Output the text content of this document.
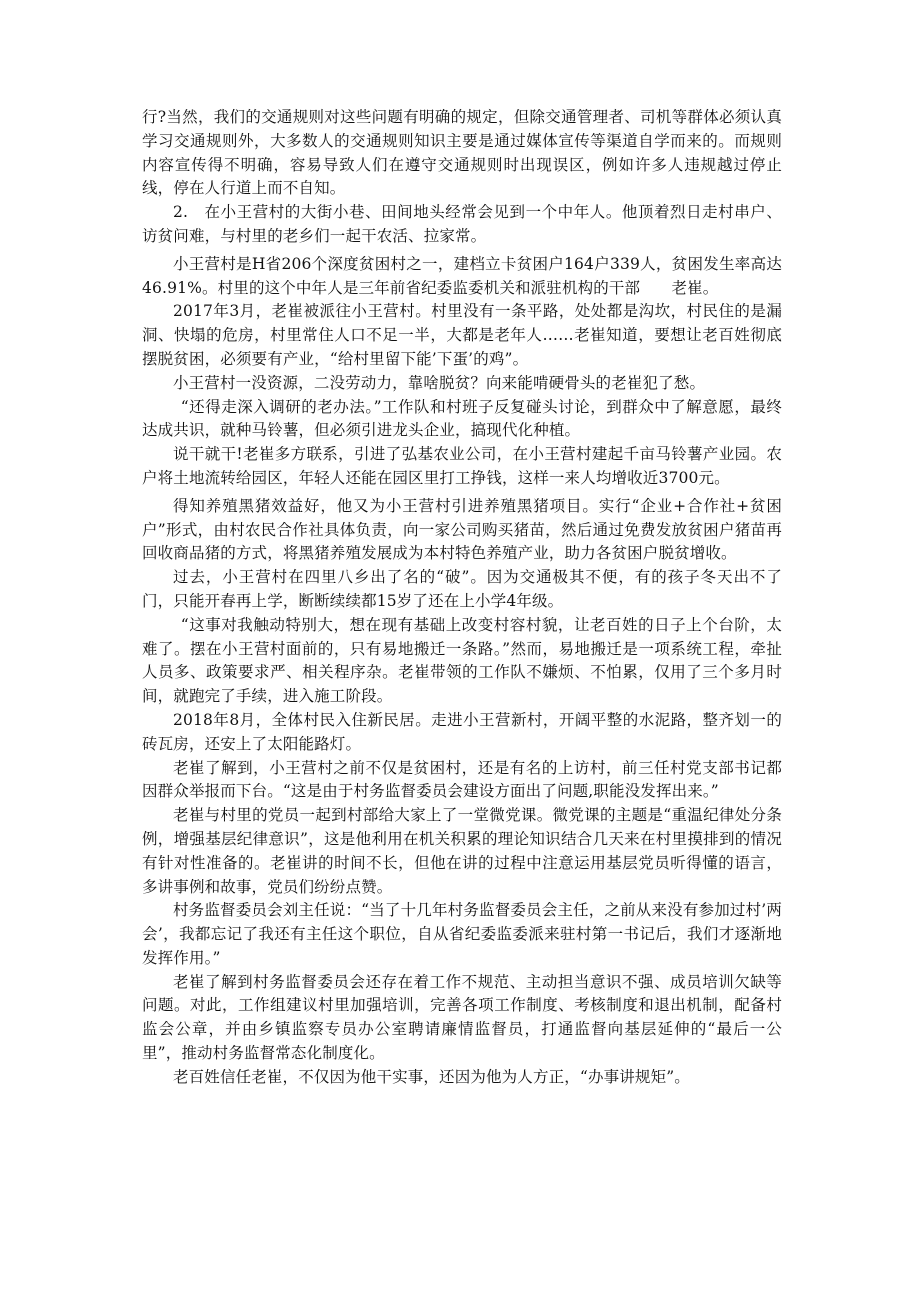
行?当然，我们的交通规则对这些问题有明确的规定，但除交通管理者、司机等群体必须认真学习交通规则外，大多数人的交通规则知识主要是通过媒体宣传等渠道自学而来的。而规则内容宣传得不明确，容易导致人们在遵守交通规则时出现误区，例如许多人违规越过停止线，停在人行道上而不自知。

2.　在小王营村的大街小巷、田间地头经常会见到一个中年人。他顶着烈日走村串户、访贫问难，与村里的老乡们一起干农活、拉家常。

小王营村是H省206个深度贫困村之一，建档立卡贫困户164户339人，贫困发生率高达46.91%。村里的这个中年人是三年前省纪委监委机关和派驻机构的干部　　老崔。

2017年3月，老崔被派往小王营村。村里没有一条平路，处处都是沟坎，村民住的是漏洞、快塌的危房，村里常住人口不足一半，大都是老年人……老崔知道，要想让老百姓彻底摆脱贫困，必须要有产业，“给村里留下能’下蛋’的鸡”。

小王营村一没资源，二没劳动力，靠啥脱贫？向来能啃硬骨头的老崔犯了愁。

“还得走深入调研的老办法。”工作队和村班子反复碰头讨论，到群众中了解意愿，最终达成共识，就种马铃薯，但必须引进龙头企业，搞现代化种植。

说干就干!老崔多方联系，引进了弘基农业公司，在小王营村建起千亩马铃薯产业园。农户将土地流转给园区，年轻人还能在园区里打工挣钱，这样一来人均增收近3700元。

得知养殖黑猪效益好，他又为小王营村引进养殖黑猪项目。实行“企业+合作社+贫困户”形式，由村农民合作社具体负责，向一家公司购买猪苗，然后通过免费发放贫困户猪苗再回收商品猪的方式，将黑猪养殖发展成为本村特色养殖产业，助力各贫困户脱贫增收。

过去，小王营村在四里八乡出了名的“破”。因为交通极其不便，有的孩子冬天出不了门，只能开春再上学，断断续续都15岁了还在上小学4年级。

“这事对我触动特别大，想在现有基础上改变村容村貌，让老百姓的日子上个台阶，太难了。摆在小王营村面前的，只有易地搬迁一条路。”然而，易地搬迁是一项系统工程，牵扯人员多、政策要求严、相关程序杂。老崔带领的工作队不嫌烦、不怕累，仅用了三个多月时间，就跑完了手续，进入施工阶段。

2018年8月，全体村民入住新民居。走进小王营新村，开阔平整的水泥路，整齐划一的砖瓦房，还安上了太阳能路灯。

老崔了解到，小王营村之前不仅是贫困村，还是有名的上访村，前三任村党支部书记都因群众举报而下台。“这是由于村务监督委员会建设方面出了问题,职能没发挥出来。”

老崔与村里的党员一起到村部给大家上了一堂微党课。微党课的主题是“重温纪律处分条例，增强基层纪律意识”，这是他利用在机关积累的理论知识结合几天来在村里摸排到的情况有针对性准备的。老崔讲的时间不长，但他在讲的过程中注意运用基层党员听得懂的语言，多讲事例和故事，党员们纷纷点赞。

村务监督委员会刘主任说：“当了十几年村务监督委员会主任，之前从来没有参加过村’两会’，我都忘记了我还有主任这个职位，自从省纪委监委派来驻村第一书记后，我们才逐渐地发挥作用。”

老崔了解到村务监督委员会还存在着工作不规范、主动担当意识不强、成员培训欠缺等问题。对此，工作组建议村里加强培训，完善各项工作制度、考核制度和退出机制，配备村监会公章，并由乡镇监察专员办公室聘请廉情监督员，打通监督向基层延伸的“最后一公里”，推动村务监督常态化制度化。

老百姓信任老崔，不仅因为他干实事，还因为他为人方正，“办事讲规矩”。
